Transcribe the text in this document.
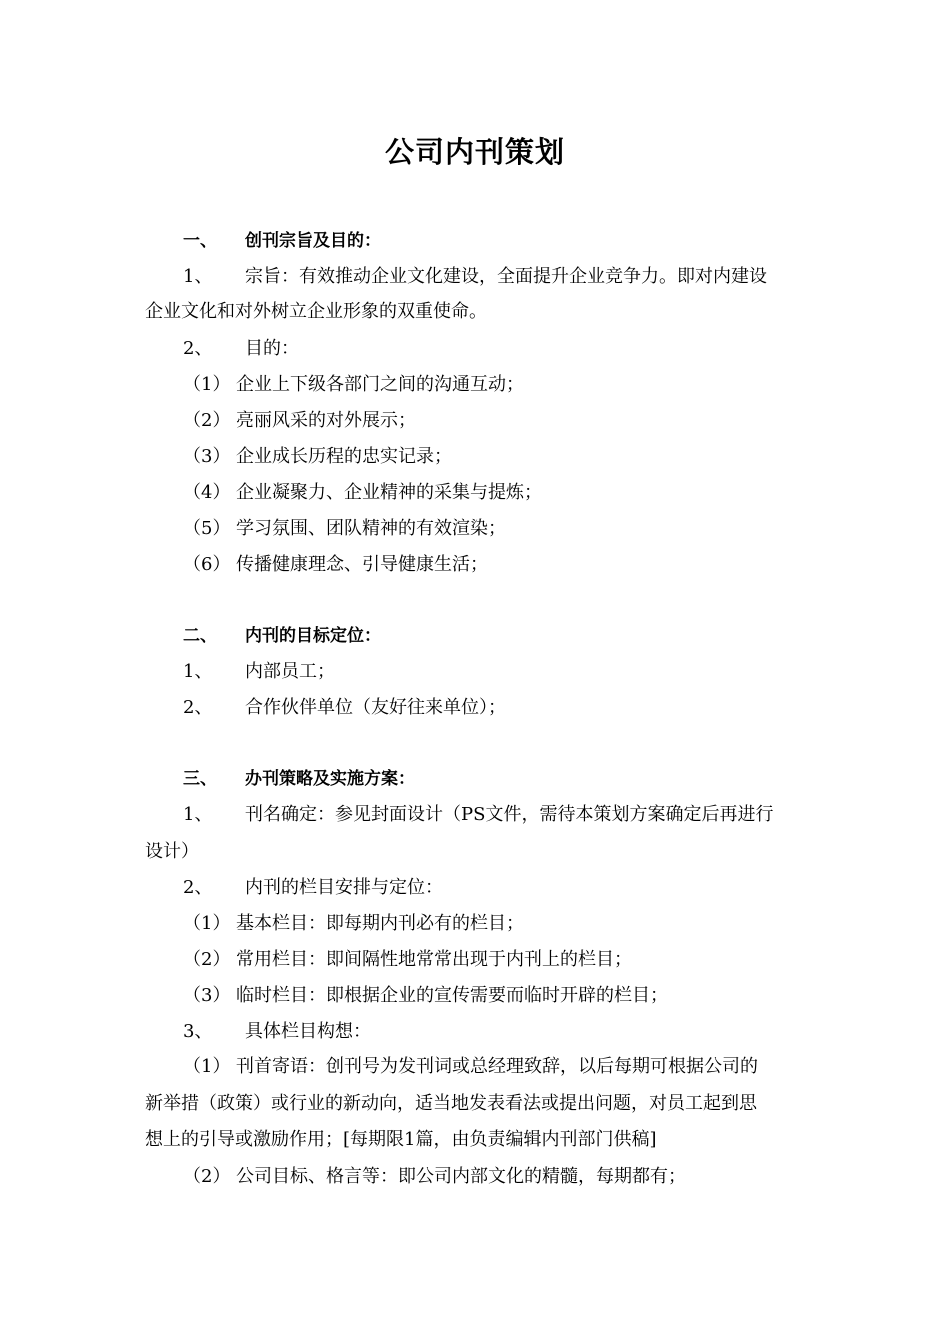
公司内刊策划
一、 创刊宗旨及目的：
1、 宗旨：有效推动企业文化建设，全面提升企业竞争力。即对内建设
企业文化和对外树立企业形象的双重使命。
2、 目的：
（1） 企业上下级各部门之间的沟通互动；
（2） 亮丽风采的对外展示；
（3） 企业成长历程的忠实记录；
（4） 企业凝聚力、企业精神的采集与提炼；
（5） 学习氛围、团队精神的有效渲染；
（6） 传播健康理念、引导健康生活；
二、 内刊的目标定位：
1、 内部员工；
2、 合作伙伴单位（友好往来单位）；
三、 办刊策略及实施方案：
1、 刊名确定：参见封面设计（PS文件，需待本策划方案确定后再进行
设计）
2、 内刊的栏目安排与定位：
（1） 基本栏目：即每期内刊必有的栏目；
（2） 常用栏目：即间隔性地常常出现于内刊上的栏目；
（3） 临时栏目：即根据企业的宣传需要而临时开辟的栏目；
3、 具体栏目构想：
（1） 刊首寄语：创刊号为发刊词或总经理致辞，以后每期可根据公司的
新举措（政策）或行业的新动向，适当地发表看法或提出问题，对员工起到思
想上的引导或激励作用；[每期限1篇，由负责编辑内刊部门供稿]
（2） 公司目标、格言等：即公司内部文化的精髓，每期都有；
